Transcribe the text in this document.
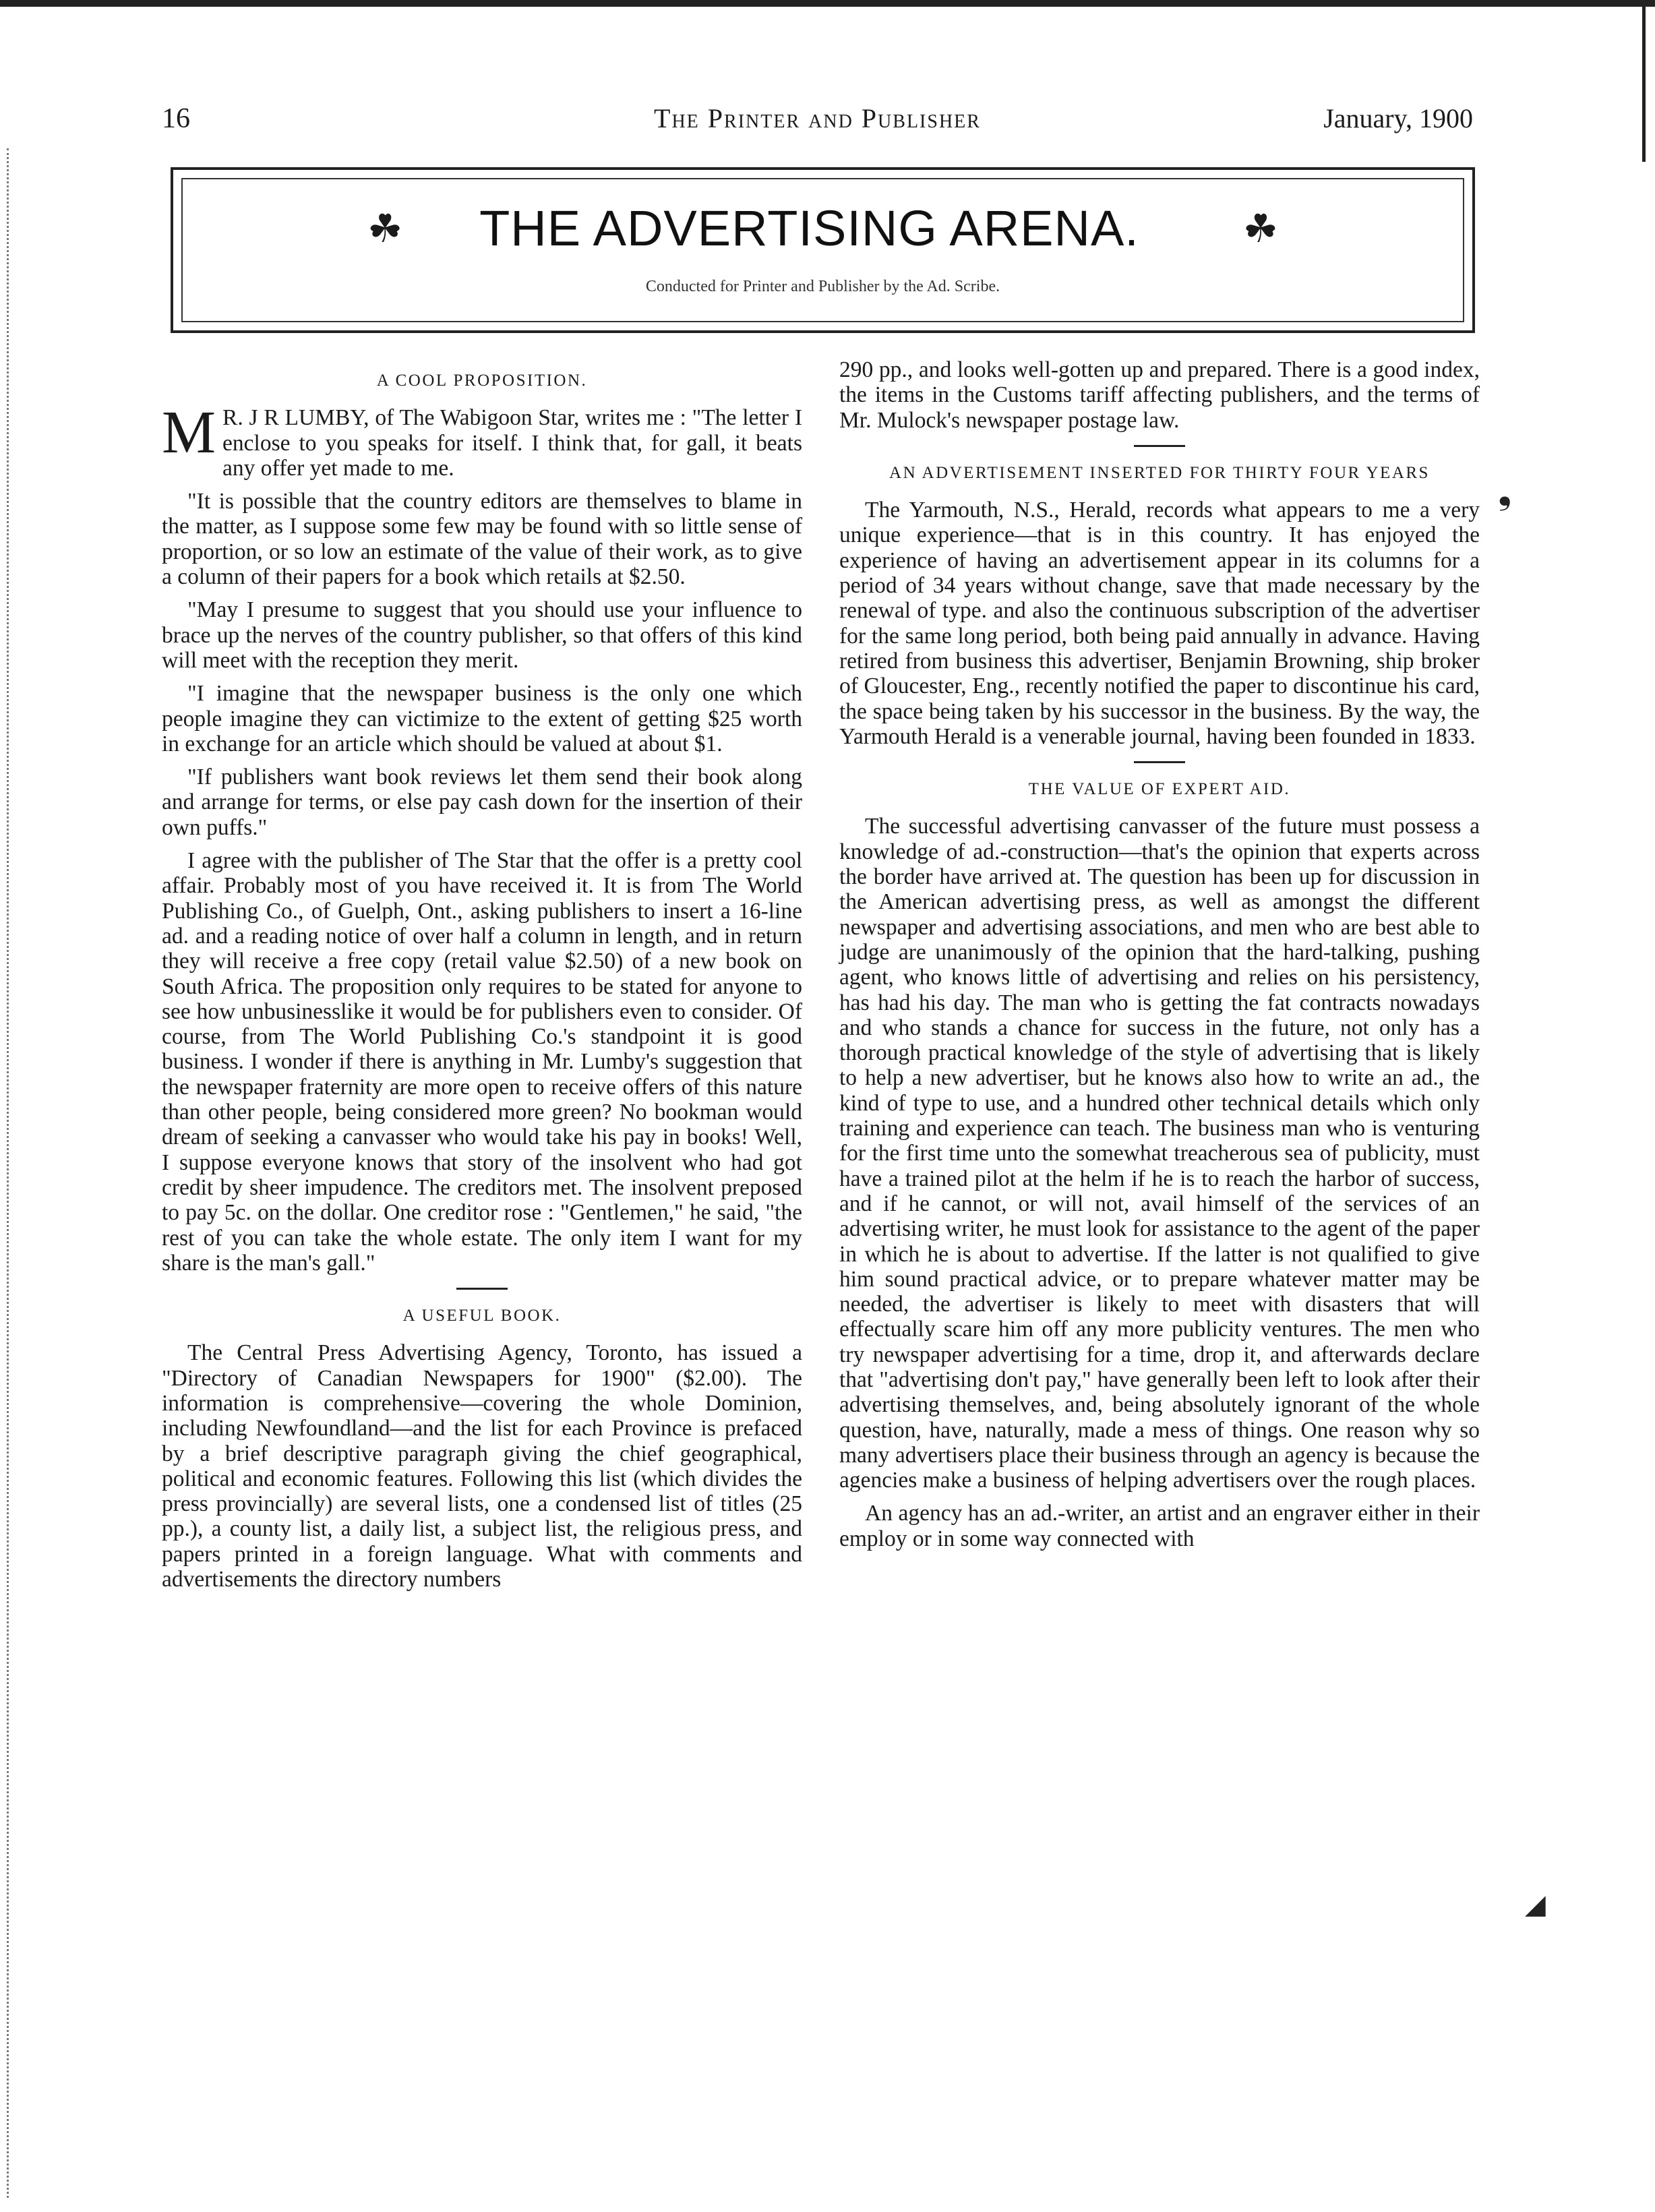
❟
◢
16	The Printer and Publisher	January, 1900
☘ THE ADVERTISING ARENA.	☘
Conducted for Printer and Publisher by the Ad. Scribe.
A COOL PROPOSITION.

MR. J R LUMBY, of The Wabigoon Star, writes me : "The letter I enclose to you speaks for itself. I think that, for gall, it beats any offer yet made to me.

"It is possible that the country editors are themselves to blame in the matter, as I suppose some few may be found with so little sense of proportion, or so low an estimate of the value of their work, as to give a column of their papers for a book which retails at $2.50.

"May I presume to suggest that you should use your influence to brace up the nerves of the country publisher, so that offers of this kind will meet with the reception they merit.

"I imagine that the newspaper business is the only one which people imagine they can victimize to the extent of getting $25 worth in exchange for an article which should be valued at about $1.

"If publishers want book reviews let them send their book along and arrange for terms, or else pay cash down for the insertion of their own puffs."

I agree with the publisher of The Star that the offer is a pretty cool affair. Probably most of you have received it. It is from The World Publishing Co., of Guelph, Ont., asking publishers to insert a 16-line ad. and a reading notice of over half a column in length, and in return they will receive a free copy (retail value $2.50) of a new book on South Africa. The proposition only requires to be stated for anyone to see how unbusinesslike it would be for publishers even to consider. Of course, from The World Publishing Co.'s standpoint it is good business. I wonder if there is anything in Mr. Lumby's suggestion that the newspaper fraternity are more open to receive offers of this nature than other people, being considered more green? No bookman would dream of seeking a canvasser who would take his pay in books! Well, I suppose everyone knows that story of the insolvent who had got credit by sheer impudence. The creditors met. The insolvent preposed to pay 5c. on the dollar. One creditor rose : "Gentlemen," he said, "the rest of you can take the whole estate. The only item I want for my share is the man's gall."

A USEFUL BOOK.

The Central Press Advertising Agency, Toronto, has issued a "Directory of Canadian Newspapers for 1900" ($2.00). The information is comprehensive—covering the whole Dominion, including Newfoundland—and the list for each Province is prefaced by a brief descriptive paragraph giving the chief geographical, political and economic features. Following this list (which divides the press provincially) are several lists, one a condensed list of titles (25 pp.), a county list, a daily list, a subject list, the religious press, and papers printed in a foreign language. What with comments and advertisements the directory numbers

290 pp., and looks well-gotten up and prepared. There is a good index, the items in the Customs tariff affecting publishers, and the terms of Mr. Mulock's newspaper postage law.

AN ADVERTISEMENT INSERTED FOR THIRTY FOUR YEARS

The Yarmouth, N.S., Herald, records what appears to me a very unique experience—that is in this country. It has enjoyed the experience of having an advertisement appear in its columns for a period of 34 years without change, save that made necessary by the renewal of type. and also the continuous subscription of the advertiser for the same long period, both being paid annually in advance. Having retired from business this advertiser, Benjamin Browning, ship broker of Gloucester, Eng., recently notified the paper to discontinue his card, the space being taken by his successor in the business. By the way, the Yarmouth Herald is a venerable journal, having been founded in 1833.

THE VALUE OF EXPERT AID.

The successful advertising canvasser of the future must possess a knowledge of ad.-construction—that's the opinion that experts across the border have arrived at. The question has been up for discussion in the American advertising press, as well as amongst the different newspaper and advertising associations, and men who are best able to judge are unanimously of the opinion that the hard-talking, pushing agent, who knows little of advertising and relies on his persistency, has had his day. The man who is getting the fat contracts nowadays and who stands a chance for success in the future, not only has a thorough practical knowledge of the style of advertising that is likely to help a new advertiser, but he knows also how to write an ad., the kind of type to use, and a hundred other technical details which only training and experience can teach. The business man who is venturing for the first time unto the somewhat treacherous sea of publicity, must have a trained pilot at the helm if he is to reach the harbor of success, and if he cannot, or will not, avail himself of the services of an advertising writer, he must look for assistance to the agent of the paper in which he is about to advertise. If the latter is not qualified to give him sound practical advice, or to prepare whatever matter may be needed, the advertiser is likely to meet with disasters that will effectually scare him off any more publicity ventures. The men who try newspaper advertising for a time, drop it, and afterwards declare that "advertising don't pay," have generally been left to look after their advertising themselves, and, being absolutely ignorant of the whole question, have, naturally, made a mess of things. One reason why so many advertisers place their business through an agency is because the agencies make a business of helping advertisers over the rough places.

An agency has an ad.-writer, an artist and an engraver either in their employ or in some way connected with
